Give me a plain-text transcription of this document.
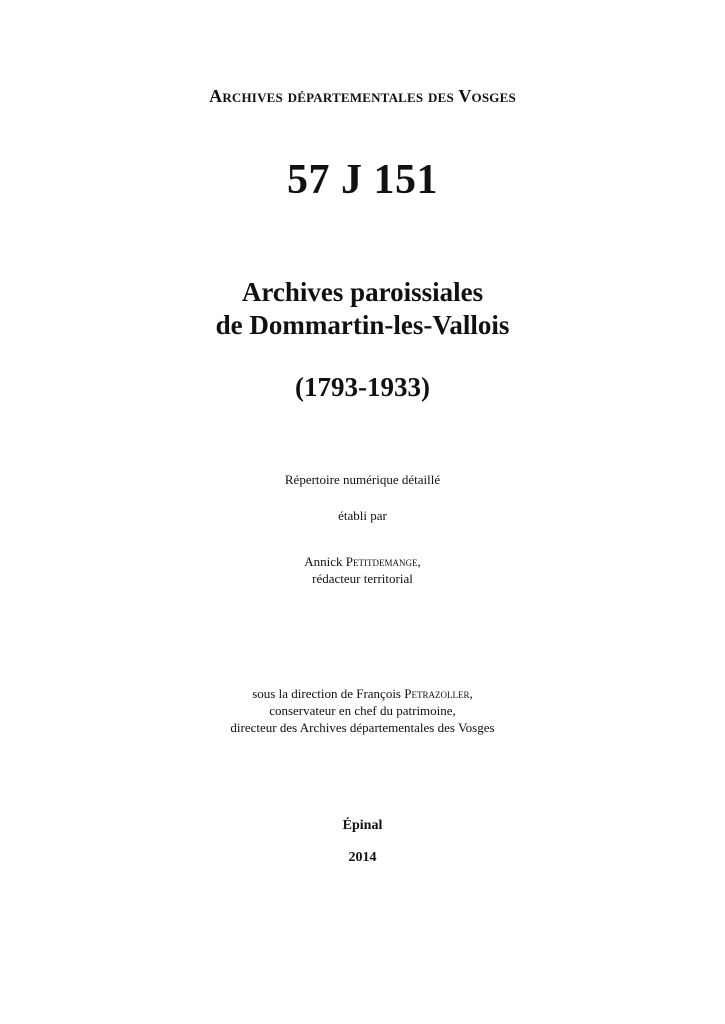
Archives départementales des Vosges
57 J 151
Archives paroissiales
de Dommartin-les-Vallois
(1793-1933)
Répertoire numérique détaillé
établi par
Annick Petitdemange,
rédacteur territorial
sous la direction de François Petrazoller,
conservateur en chef du patrimoine,
directeur des Archives départementales des Vosges
Épinal
2014
